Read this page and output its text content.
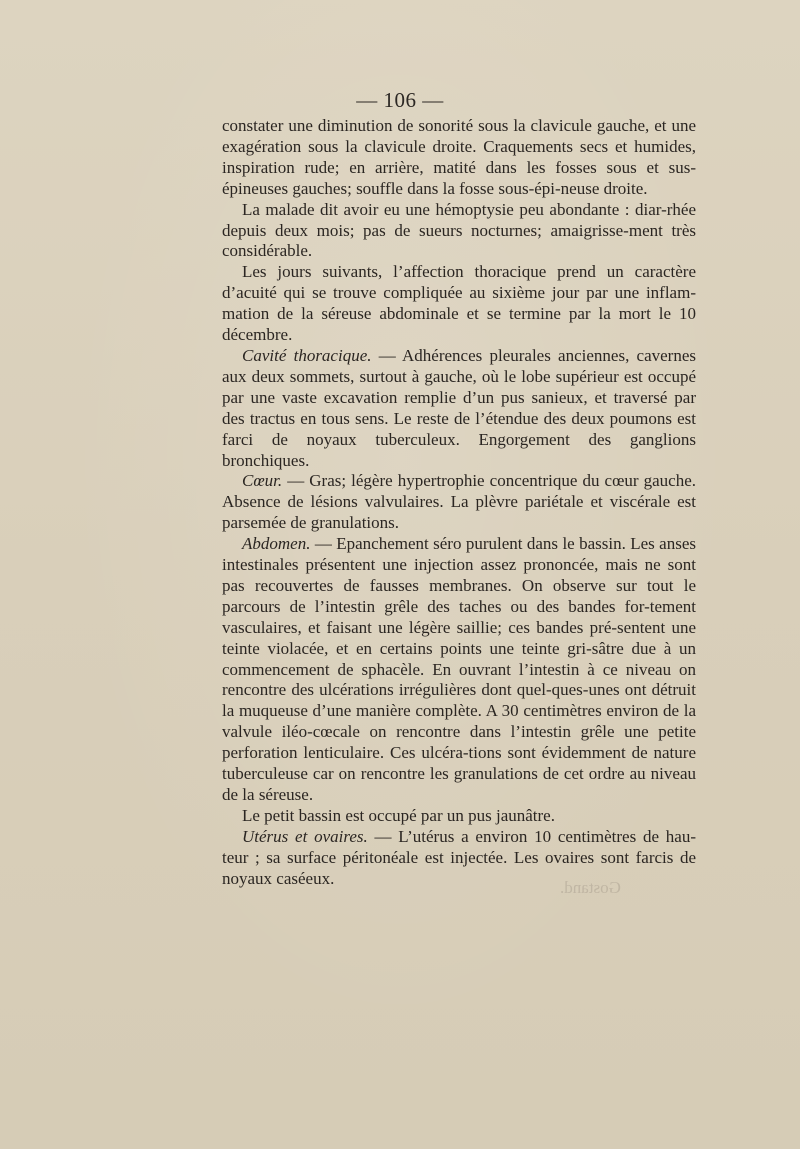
— 106 —

constater une diminution de sonorité sous la clavicule gauche, et une exagération sous la clavicule droite. Craquements secs et humides, inspiration rude; en arrière, matité dans les fosses sous et sus-épineuses gauches; souffle dans la fosse sous-épi-neuse droite.

La malade dit avoir eu une hémoptysie peu abondante : diar-rhée depuis deux mois; pas de sueurs nocturnes; amaigrisse-ment très considérable.

Les jours suivants, l’affection thoracique prend un caractère d’acuité qui se trouve compliquée au sixième jour par une inflam-mation de la séreuse abdominale et se termine par la mort le 10 décembre.

Cavité thoracique. — Adhérences pleurales anciennes, cavernes aux deux sommets, surtout à gauche, où le lobe supérieur est occupé par une vaste excavation remplie d’un pus sanieux, et traversé par des tractus en tous sens. Le reste de l’étendue des deux poumons est farci de noyaux tuberculeux. Engorgement des ganglions bronchiques.

Cœur. — Gras; légère hypertrophie concentrique du cœur gauche. Absence de lésions valvulaires. La plèvre pariétale et viscérale est parsemée de granulations.

Abdomen. — Epanchement séro purulent dans le bassin. Les anses intestinales présentent une injection assez prononcée, mais ne sont pas recouvertes de fausses membranes. On observe sur tout le parcours de l’intestin grêle des taches ou des bandes for-tement vasculaires, et faisant une légère saillie; ces bandes pré-sentent une teinte violacée, et en certains points une teinte gri-sâtre due à un commencement de sphacèle. En ouvrant l’intestin à ce niveau on rencontre des ulcérations irrégulières dont quel-ques-unes ont détruit la muqueuse d’une manière complète. A 30 centimètres environ de la valvule iléo-cœcale on rencontre dans l’intestin grêle une petite perforation lenticulaire. Ces ulcéra-tions sont évidemment de nature tuberculeuse car on rencontre les granulations de cet ordre au niveau de la séreuse.

Le petit bassin est occupé par un pus jaunâtre.

Utérus et ovaires. — L’utérus a environ 10 centimètres de hau-teur ; sa surface péritonéale est injectée. Les ovaires sont farcis de noyaux caséeux.	Gostand.
